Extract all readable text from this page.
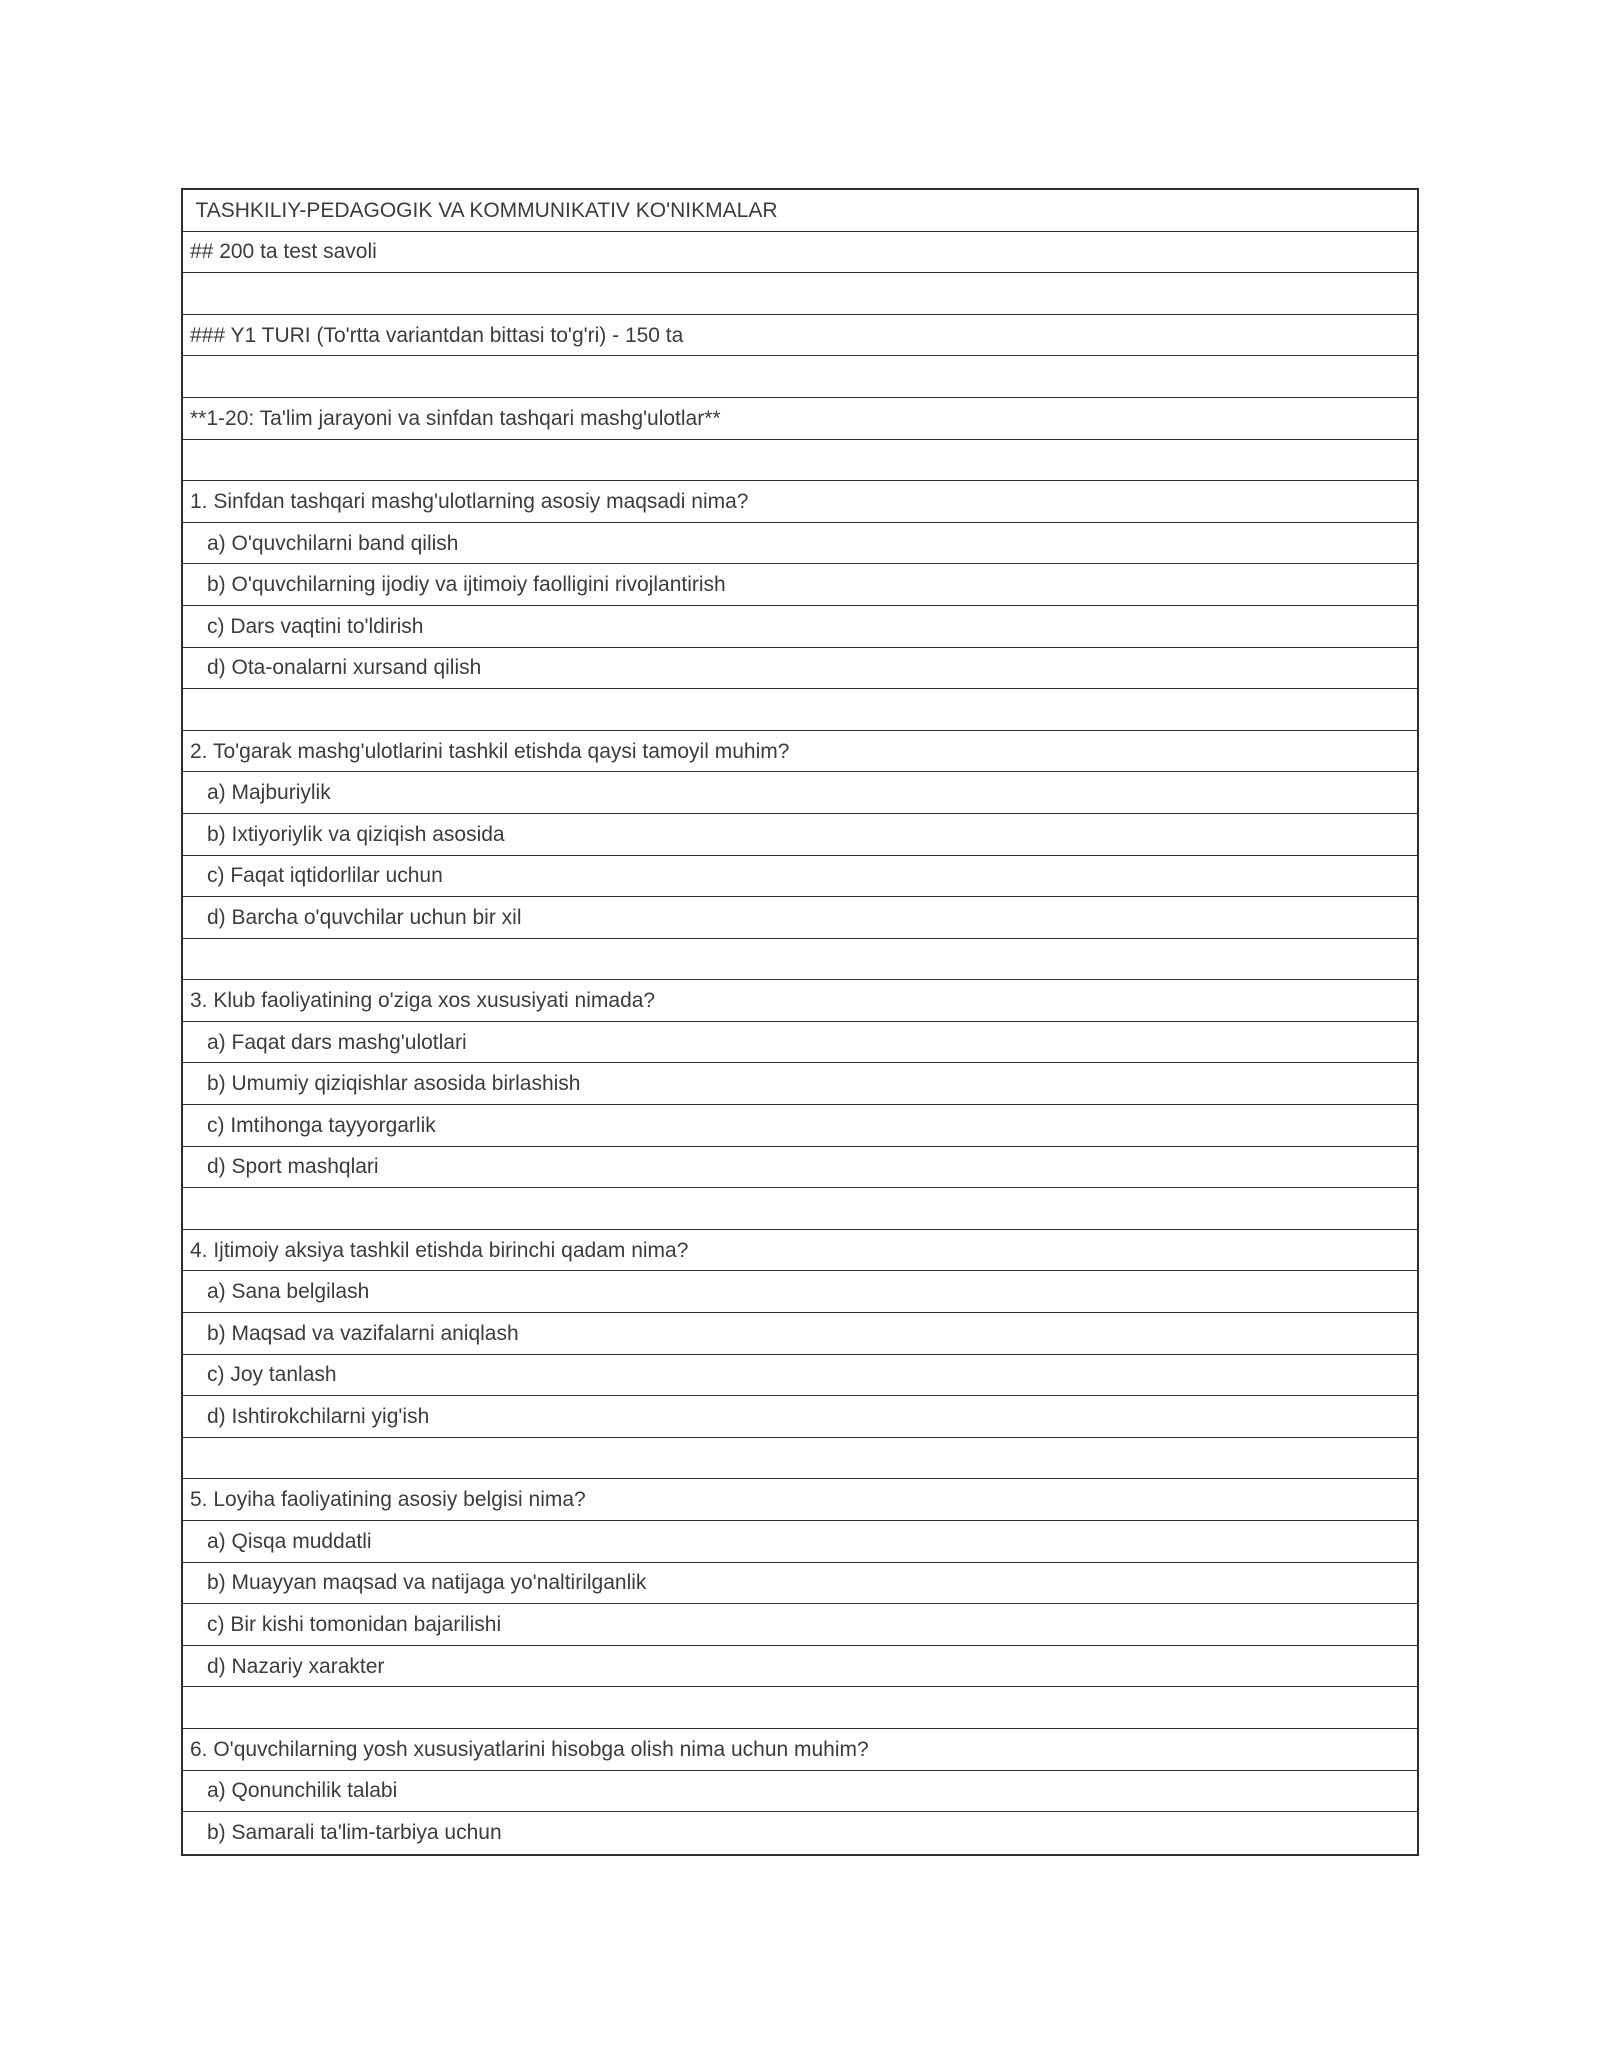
TASHKILIY-PEDAGOGIK VA KOMMUNIKATIV KO'NIKMALAR
## 200 ta test savoli
### Y1 TURI (To'rtta variantdan bittasi to'g'ri) - 150 ta
**1-20: Ta'lim jarayoni va sinfdan tashqari mashg'ulotlar**
1. Sinfdan tashqari mashg'ulotlarning asosiy maqsadi nima?
a) O'quvchilarni band qilish
b) O'quvchilarning ijodiy va ijtimoiy faolligini rivojlantirish
c) Dars vaqtini to'ldirish
d) Ota-onalarni xursand qilish
2. To'garak mashg'ulotlarini tashkil etishda qaysi tamoyil muhim?
a) Majburiylik
b) Ixtiyoriylik va qiziqish asosida
c) Faqat iqtidorlilar uchun
d) Barcha o'quvchilar uchun bir xil
3. Klub faoliyatining o'ziga xos xususiyati nimada?
a) Faqat dars mashg'ulotlari
b) Umumiy qiziqishlar asosida birlashish
c) Imtihonga tayyorgarlik
d) Sport mashqlari
4. Ijtimoiy aksiya tashkil etishda birinchi qadam nima?
a) Sana belgilash
b) Maqsad va vazifalarni aniqlash
c) Joy tanlash
d) Ishtirokchilarni yig'ish
5. Loyiha faoliyatining asosiy belgisi nima?
a) Qisqa muddatli
b) Muayyan maqsad va natijaga yo'naltirilganlik
c) Bir kishi tomonidan bajarilishi
d) Nazariy xarakter
6. O'quvchilarning yosh xususiyatlarini hisobga olish nima uchun muhim?
a) Qonunchilik talabi
b) Samarali ta'lim-tarbiya uchun
